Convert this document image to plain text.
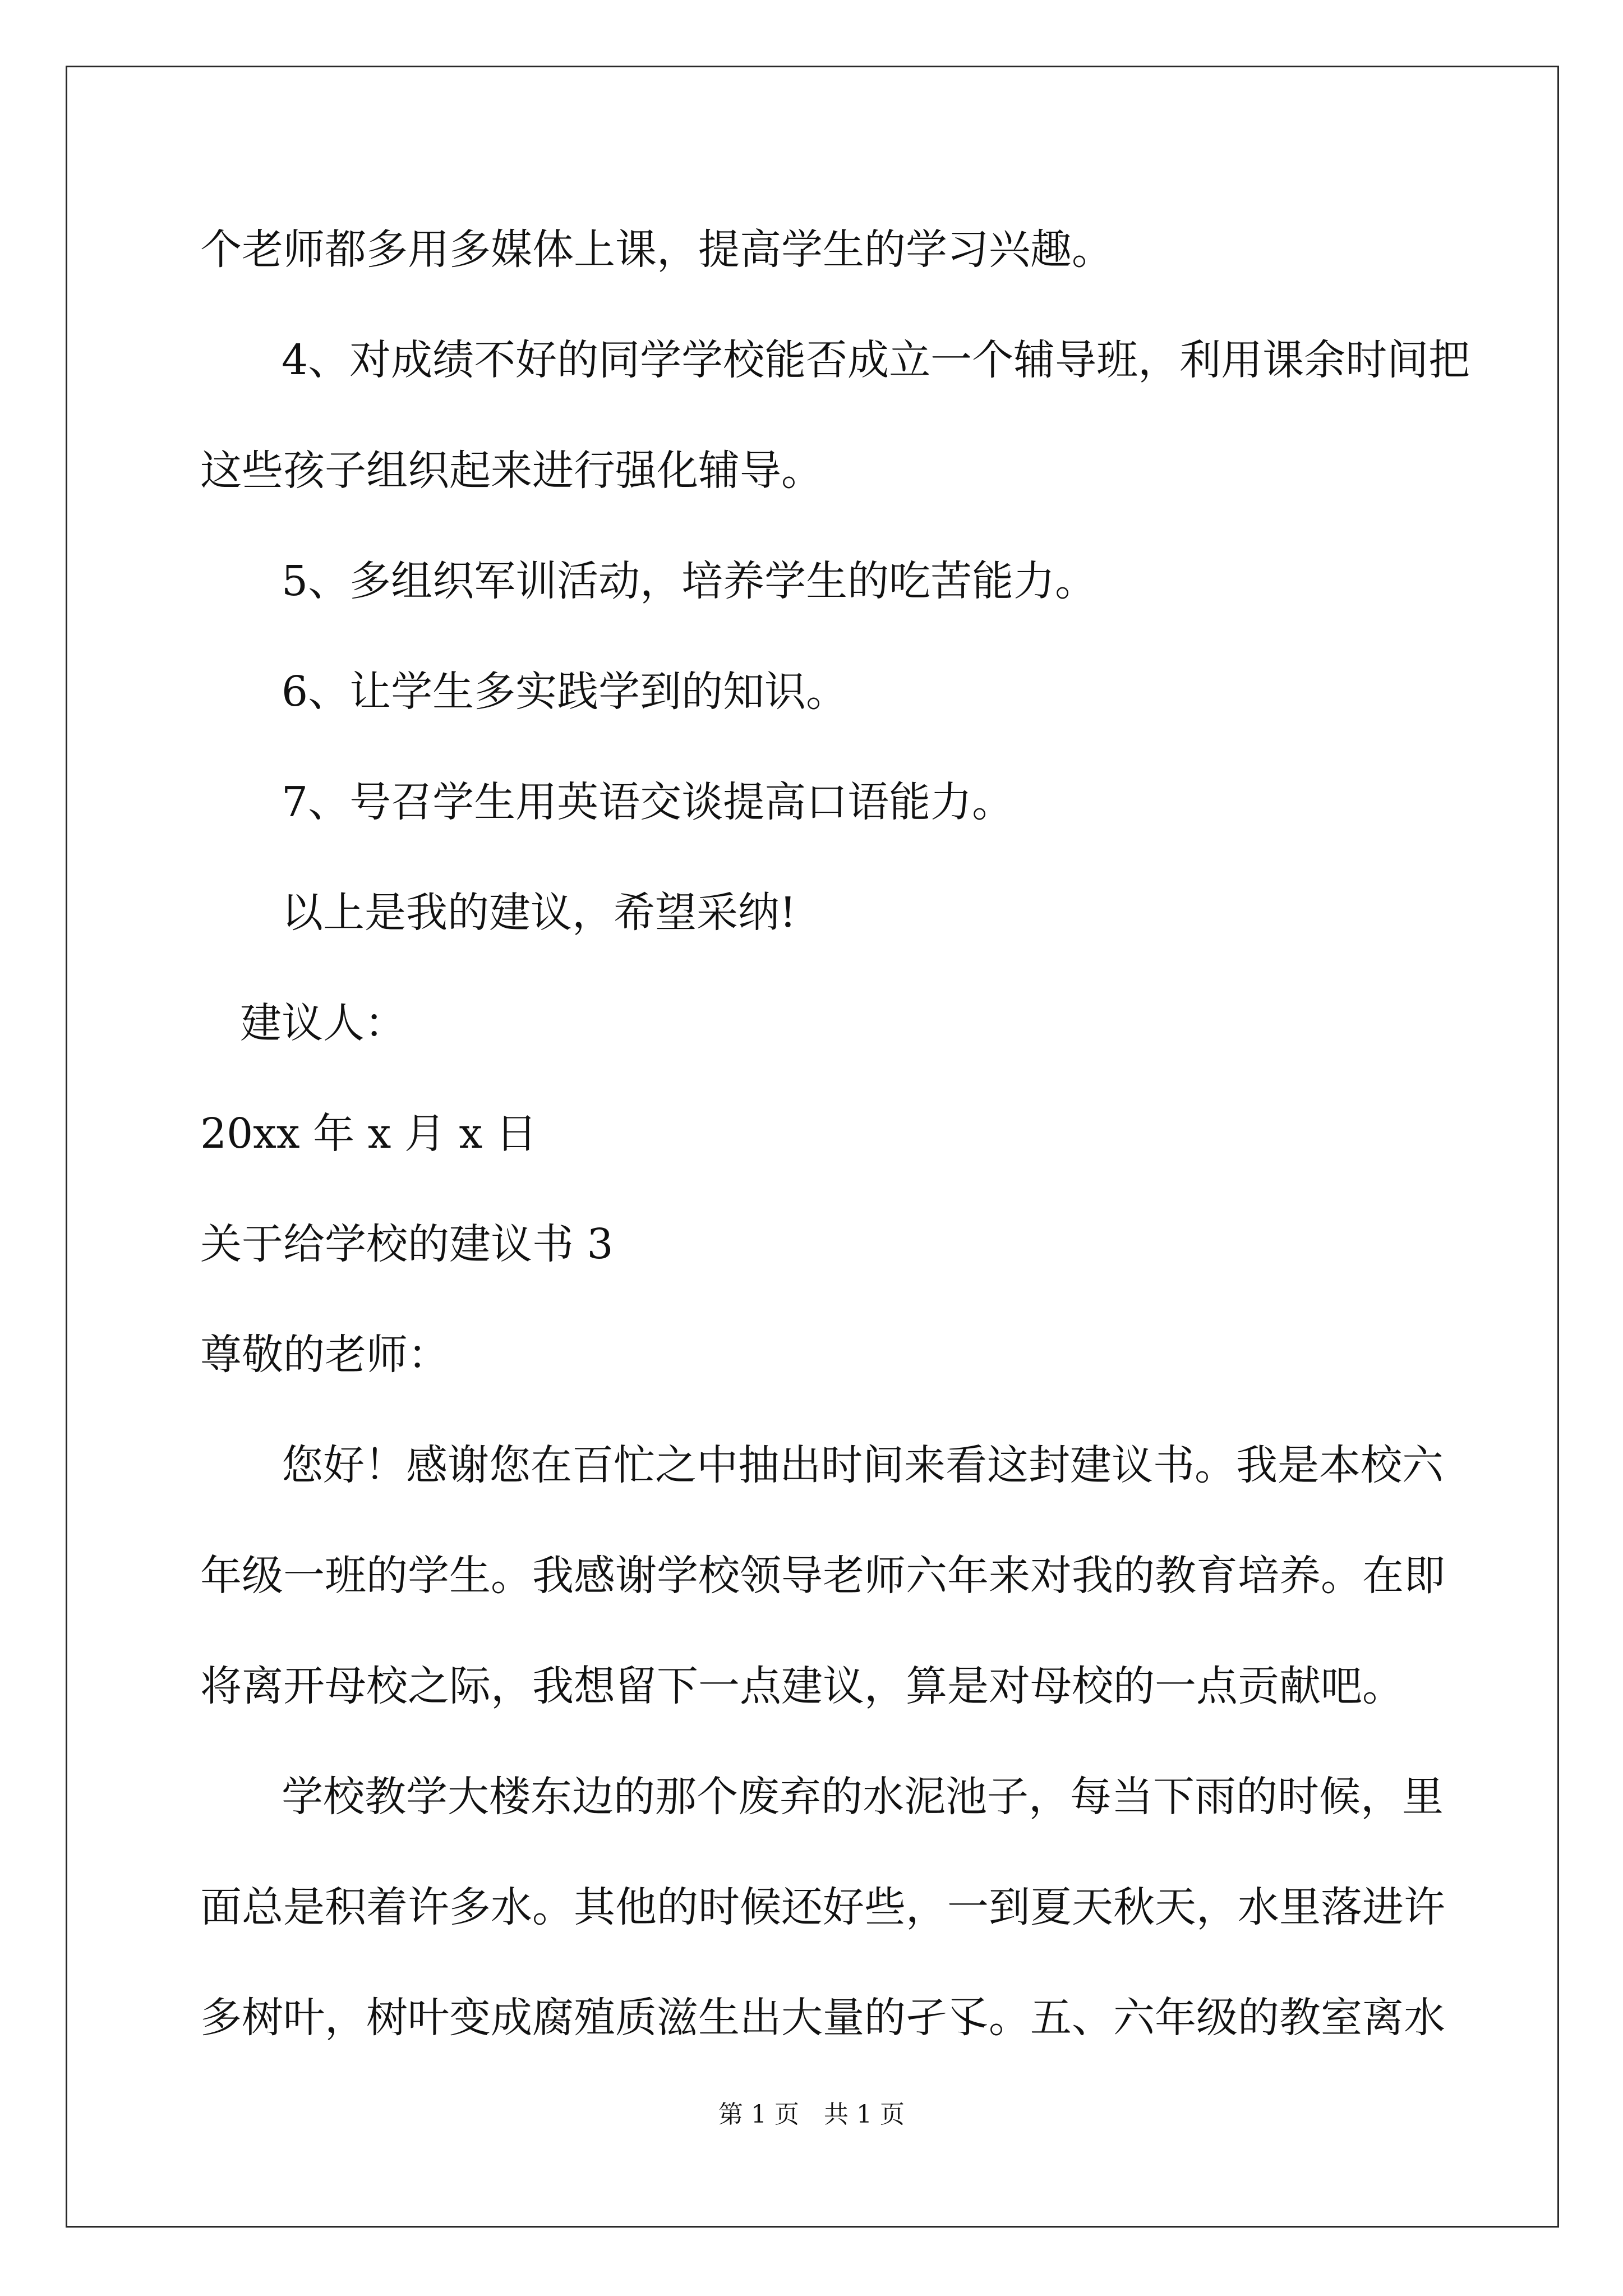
个老师都多用多媒体上课，提高学生的学习兴趣。
4、对成绩不好的同学学校能否成立一个辅导班，利用课余时间把
这些孩子组织起来进行强化辅导。
5、多组织军训活动，培养学生的吃苦能力。
6、让学生多实践学到的知识。
7、号召学生用英语交谈提高口语能力。
以上是我的建议，希望采纳!
建议人：
20xx 年 x 月 x 日
关于给学校的建议书 3
尊敬的老师：
您好！感谢您在百忙之中抽出时间来看这封建议书。我是本校六
年级一班的学生。我感谢学校领导老师六年来对我的教育培养。在即
将离开母校之际，我想留下一点建议，算是对母校的一点贡献吧。
学校教学大楼东边的那个废弃的水泥池子，每当下雨的时候，里
面总是积着许多水。其他的时候还好些，一到夏天秋天，水里落进许
多树叶，树叶变成腐殖质滋生出大量的孑孓。五、六年级的教室离水
第 1 页　共 1 页
